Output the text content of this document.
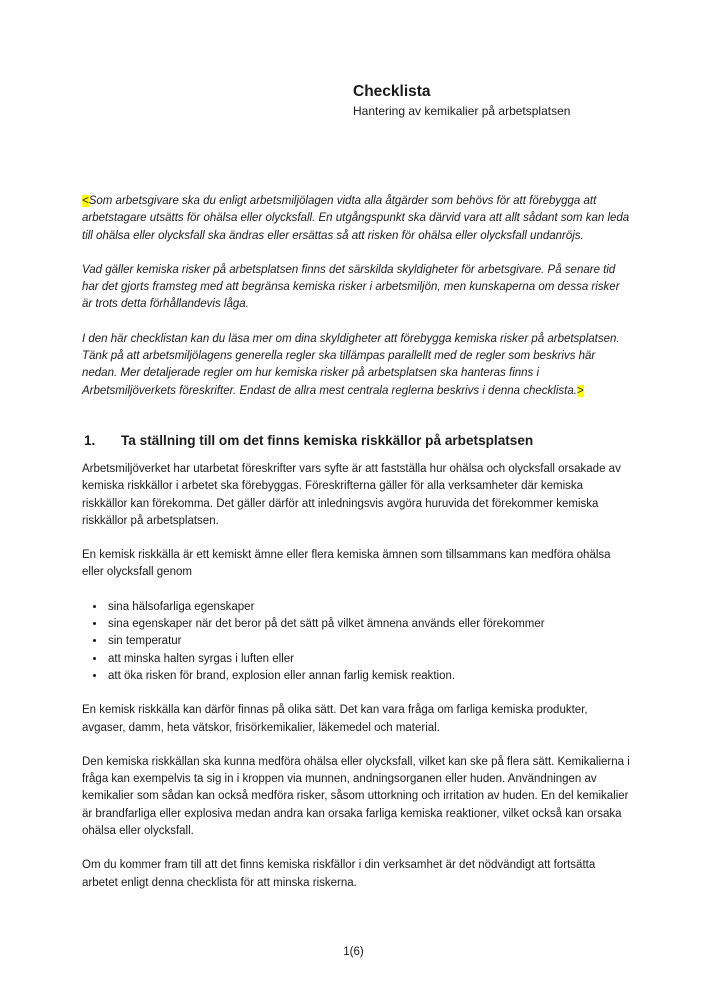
Checklista

Hantering av kemikalier på arbetsplatsen

<Som arbetsgivare ska du enligt arbetsmiljölagen vidta alla åtgärder som behövs för att förebygga att arbetstagare utsätts för ohälsa eller olycksfall. En utgångspunkt ska därvid vara att allt sådant som kan leda till ohälsa eller olycksfall ska ändras eller ersättas så att risken för ohälsa eller olycksfall undanröjs.

Vad gäller kemiska risker på arbetsplatsen finns det särskilda skyldigheter för arbetsgivare. På senare tid har det gjorts framsteg med att begränsa kemiska risker i arbetsmiljön, men kunskaperna om dessa risker är trots detta förhållandevis låga.

I den här checklistan kan du läsa mer om dina skyldigheter att förebygga kemiska risker på arbetsplatsen. Tänk på att arbetsmiljölagens generella regler ska tillämpas parallellt med de regler som beskrivs här nedan. Mer detaljerade regler om hur kemiska risker på arbetsplatsen ska hanteras finns i Arbetsmiljöverkets föreskrifter. Endast de allra mest centrala reglerna beskrivs i denna checklista.>

1.	Ta ställning till om det finns kemiska riskkällor på arbetsplatsen

Arbetsmiljöverket har utarbetat föreskrifter vars syfte är att fastställa hur ohälsa och olycksfall orsakade av kemiska riskkällor i arbetet ska förebyggas. Föreskrifterna gäller för alla verksamheter där kemiska riskkällor kan förekomma. Det gäller därför att inledningsvis avgöra huruvida det förekommer kemiska riskkällor på arbetsplatsen.

En kemisk riskkälla är ett kemiskt ämne eller flera kemiska ämnen som tillsammans kan medföra ohälsa eller olycksfall genom

• sina hälsofarliga egenskaper
• sina egenskaper när det beror på det sätt på vilket ämnena används eller förekommer
• sin temperatur
• att minska halten syrgas i luften eller
• att öka risken för brand, explosion eller annan farlig kemisk reaktion.

En kemisk riskkälla kan därför finnas på olika sätt. Det kan vara fråga om farliga kemiska produkter, avgaser, damm, heta vätskor, frisörkemikalier, läkemedel och material.

Den kemiska riskkällan ska kunna medföra ohälsa eller olycksfall, vilket kan ske på flera sätt. Kemikalierna i fråga kan exempelvis ta sig in i kroppen via munnen, andningsorganen eller huden. Användningen av kemikalier som sådan kan också medföra risker, såsom uttorkning och irritation av huden. En del kemikalier är brandfarliga eller explosiva medan andra kan orsaka farliga kemiska reaktioner, vilket också kan orsaka ohälsa eller olycksfall.

Om du kommer fram till att det finns kemiska riskfällor i din verksamhet är det nödvändigt att fortsätta arbetet enligt denna checklista för att minska riskerna.

1(6)
